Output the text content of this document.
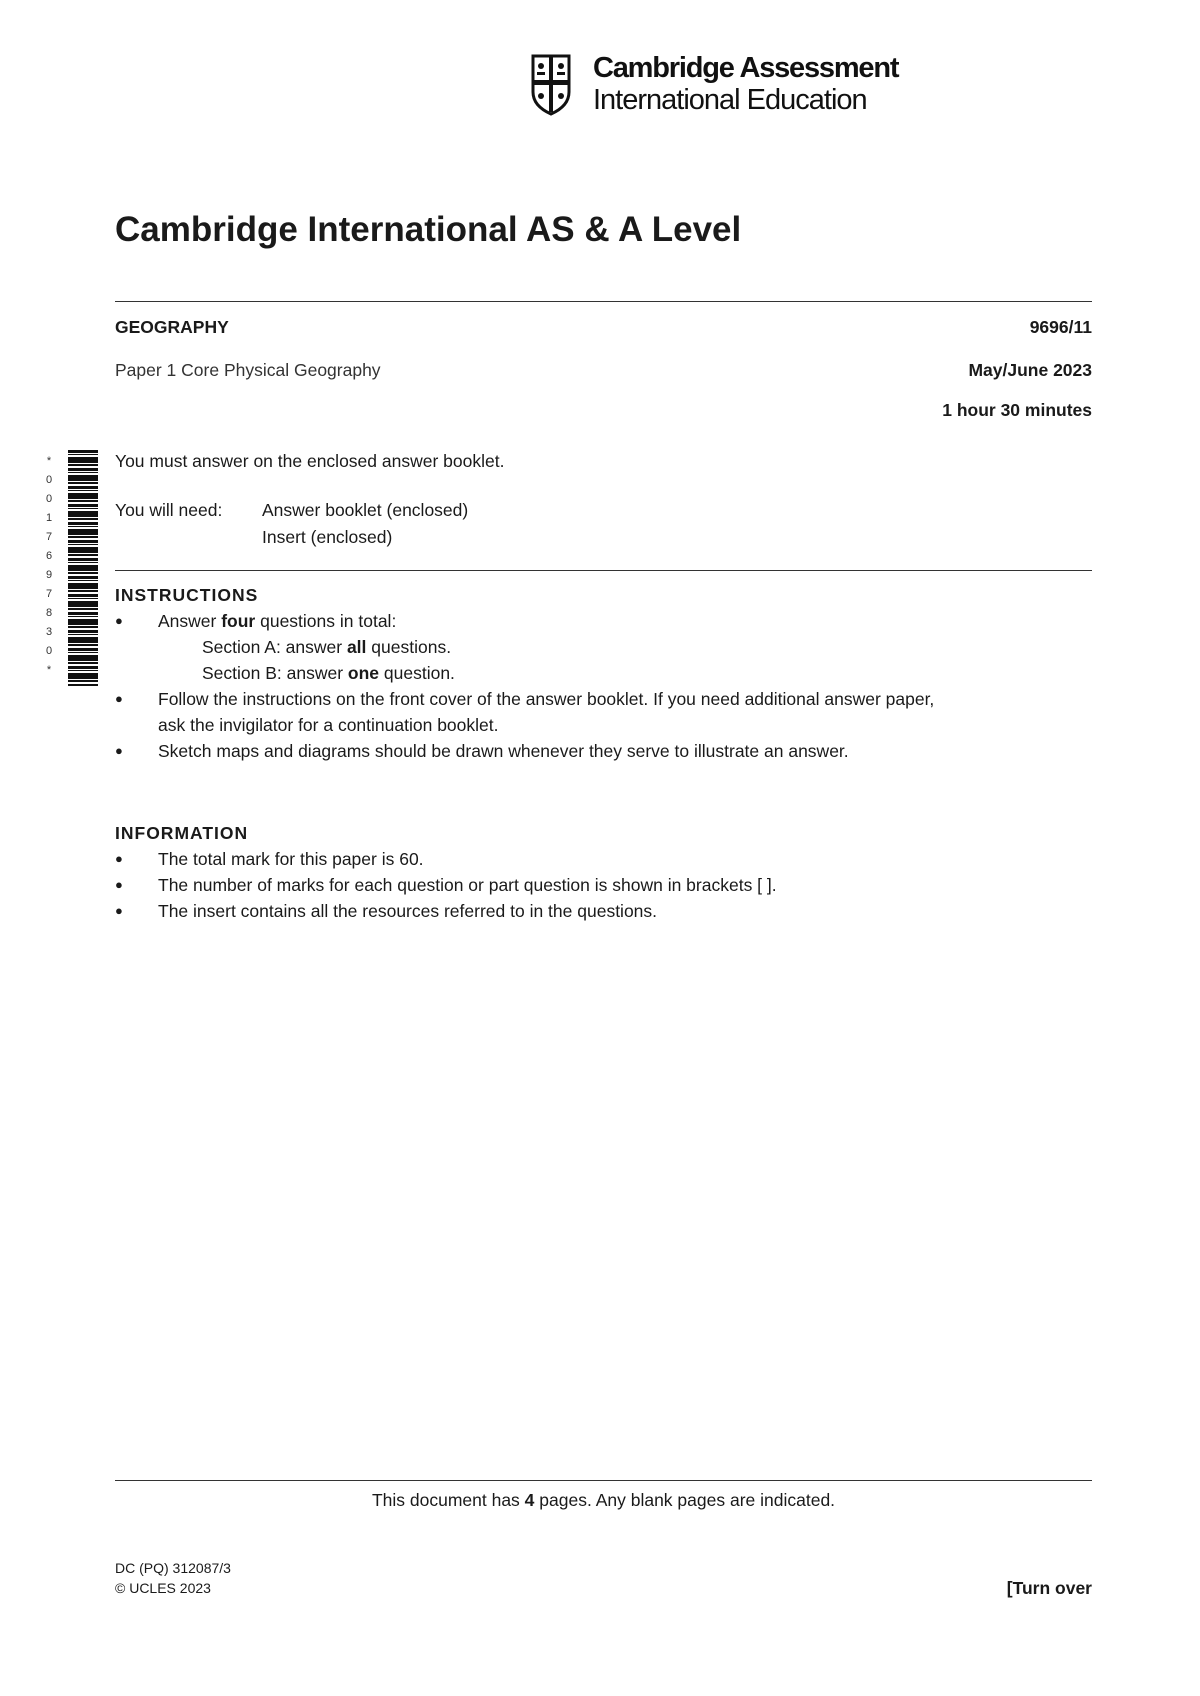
Cambridge Assessment
International Education
Cambridge International AS & A Level
GEOGRAPHY	9696/11
Paper 1 Core Physical Geography	May/June 2023
1 hour 30 minutes
*
0
0
1
7
6
9
7
8
3
0
*
You must answer on the enclosed answer booklet.
You will need: Answer booklet (enclosed)
Insert (enclosed)
INSTRUCTIONS
● Answer four questions in total:
Section A: answer all questions.
Section B: answer one question.
● Follow the instructions on the front cover of the answer booklet. If you need additional answer paper,
ask the invigilator for a continuation booklet.
● Sketch maps and diagrams should be drawn whenever they serve to illustrate an answer.
INFORMATION
● The total mark for this paper is 60.
● The number of marks for each question or part question is shown in brackets [ ].
● The insert contains all the resources referred to in the questions.
This document has 4 pages. Any blank pages are indicated.
DC (PQ) 312087/3
© UCLES 2023	[Turn over
